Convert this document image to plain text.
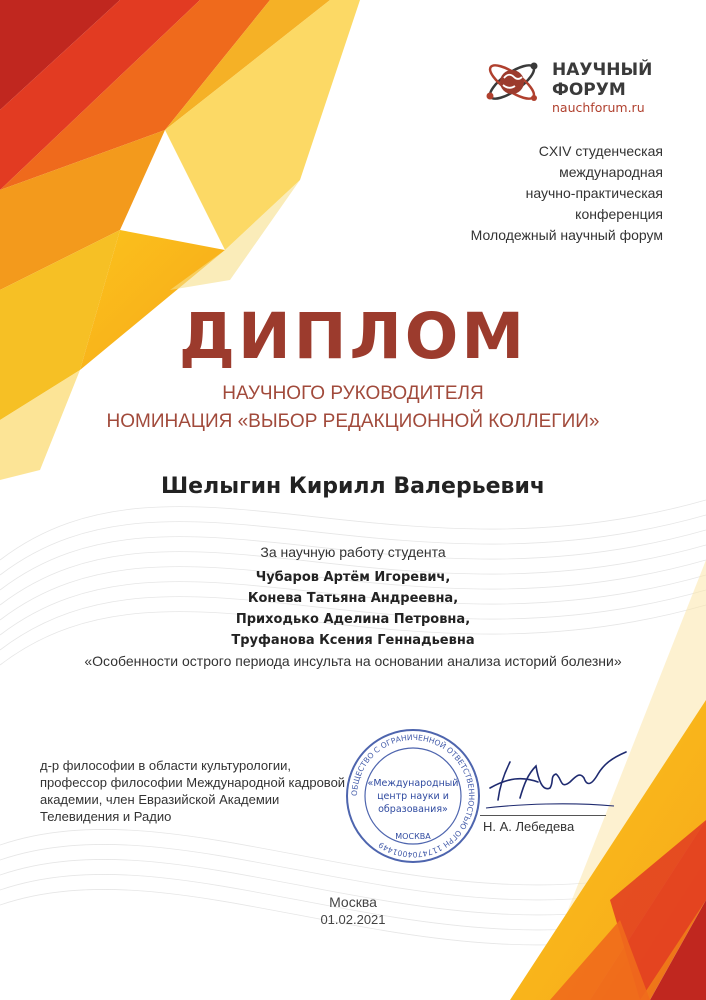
НАУЧНЫЙ
ФОРУМ
nauchforum.ru
CXIV студенческая
международная
научно-практическая
конференция
Молодежный научный форум
ДИПЛОМ
НАУЧНОГО РУКОВОДИТЕЛЯ
НОМИНАЦИЯ «ВЫБОР РЕДАКЦИОННОЙ КОЛЛЕГИИ»
Шелыгин Кирилл Валерьевич
За научную работу студента
Чубаров Артём Игоревич,
Конева Татьяна Андреевна,
Приходько Аделина Петровна,
Труфанова Ксения Геннадьевна
«Особенности острого периода инсульта на основании анализа историй болезни»
д-р философии в области культурологии, профессор философии Международной кадровой академии, член Евразийской Академии Телевидения и Радио
ОБЩЕСТВО С ОГРАНИЧЕННОЙ ОТВЕТСТВЕННОСТЬЮ ОГРН 1174704001449
«Международный
центр науки и
образования»
МОСКВА
Н. А. Лебедева
Москва
01.02.2021
